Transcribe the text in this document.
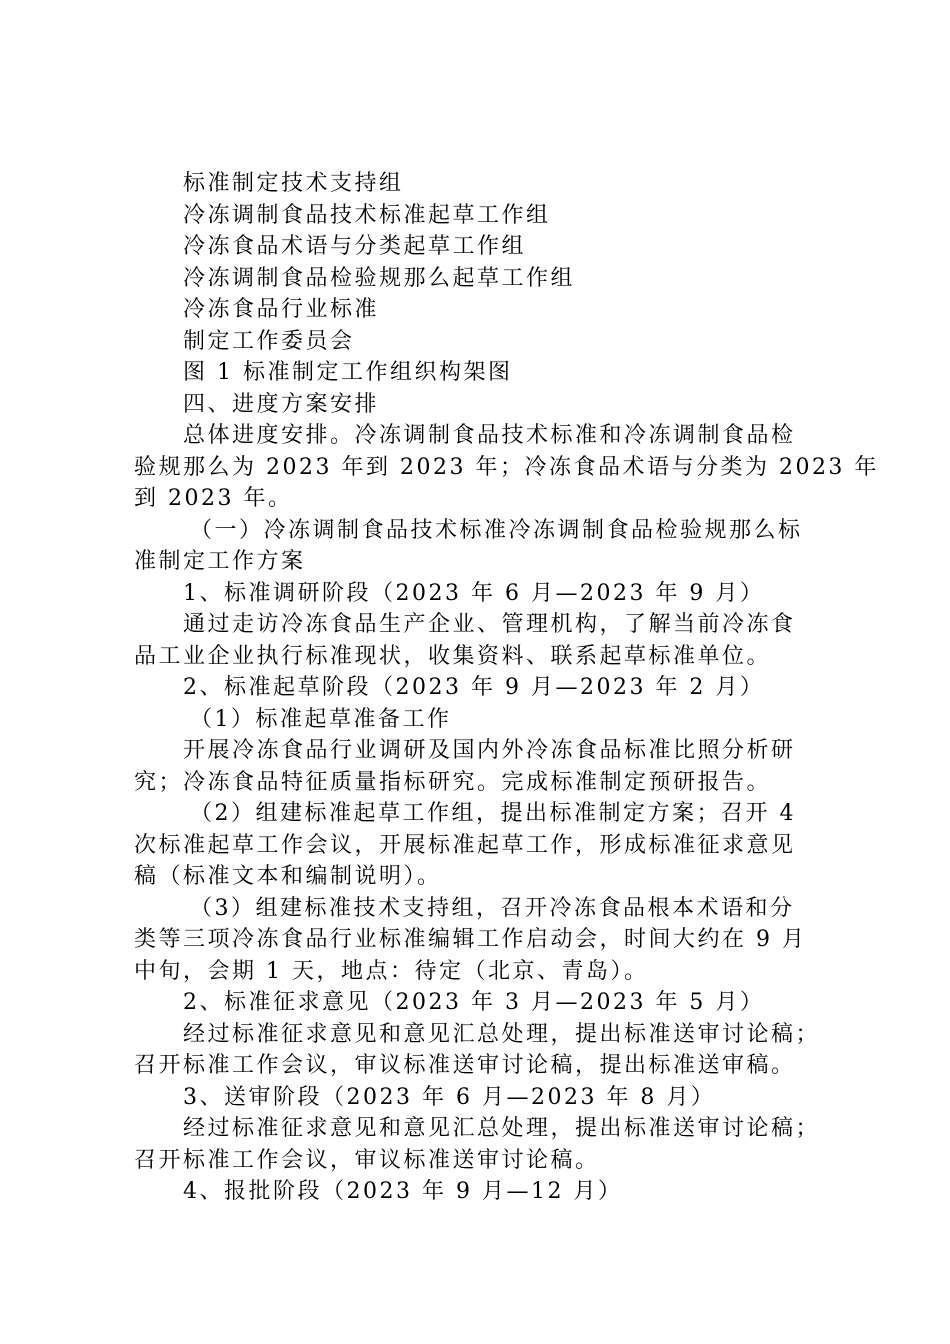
标准制定技术支持组
冷冻调制食品技术标准起草工作组
冷冻食品术语与分类起草工作组
冷冻调制食品检验规那么起草工作组
冷冻食品行业标准
制定工作委员会
图 1 标准制定工作组织构架图
四、进度方案安排
总体进度安排。冷冻调制食品技术标准和冷冻调制食品检
验规那么为 2023 年到 2023 年；冷冻食品术语与分类为 2023 年
到 2023 年。
（一）冷冻调制食品技术标准冷冻调制食品检验规那么标
准制定工作方案
1、标准调研阶段（2023 年 6 月—2023 年 9 月）
通过走访冷冻食品生产企业、管理机构，了解当前冷冻食
品工业企业执行标准现状，收集资料、联系起草标准单位。
2、标准起草阶段（2023 年 9 月—2023 年 2 月）
（1）标准起草准备工作
开展冷冻食品行业调研及国内外冷冻食品标准比照分析研
究；冷冻食品特征质量指标研究。完成标准制定预研报告。
（2）组建标准起草工作组，提出标准制定方案；召开 4
次标准起草工作会议，开展标准起草工作，形成标准征求意见
稿（标准文本和编制说明）。
（3）组建标准技术支持组，召开冷冻食品根本术语和分
类等三项冷冻食品行业标准编辑工作启动会，时间大约在 9 月
中旬，会期 1 天，地点：待定（北京、青岛）。
2、标准征求意见（2023 年 3 月—2023 年 5 月）
经过标准征求意见和意见汇总处理，提出标准送审讨论稿；
召开标准工作会议，审议标准送审讨论稿，提出标准送审稿。
3、送审阶段（2023 年 6 月—2023 年 8 月）
经过标准征求意见和意见汇总处理，提出标准送审讨论稿；
召开标准工作会议，审议标准送审讨论稿。
4、报批阶段（2023 年 9 月—12 月）
